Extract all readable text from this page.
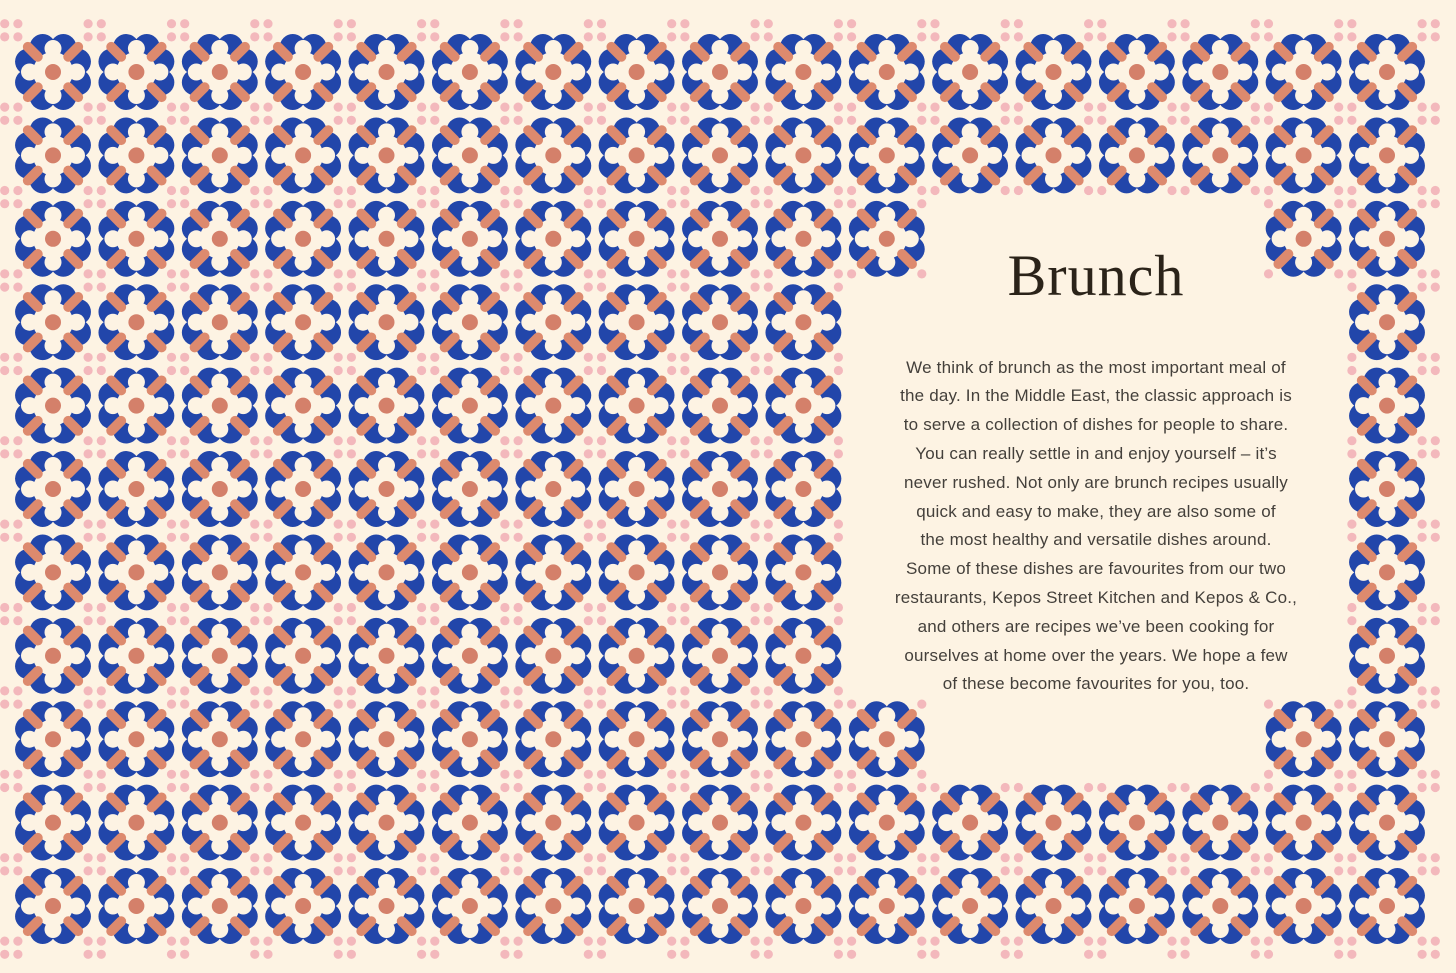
Brunch
We think of brunch as the most important meal of
the day. In the Middle East, the classic approach is
to serve a collection of dishes for people to share.
You can really settle in and enjoy yourself – it’s
never rushed. Not only are brunch recipes usually
quick and easy to make, they are also some of
the most healthy and versatile dishes around.
Some of these dishes are favourites from our two
restaurants, Kepos Street Kitchen and Kepos & Co.,
and others are recipes we’ve been cooking for
ourselves at home over the years. We hope a few
of these become favourites for you, too.
